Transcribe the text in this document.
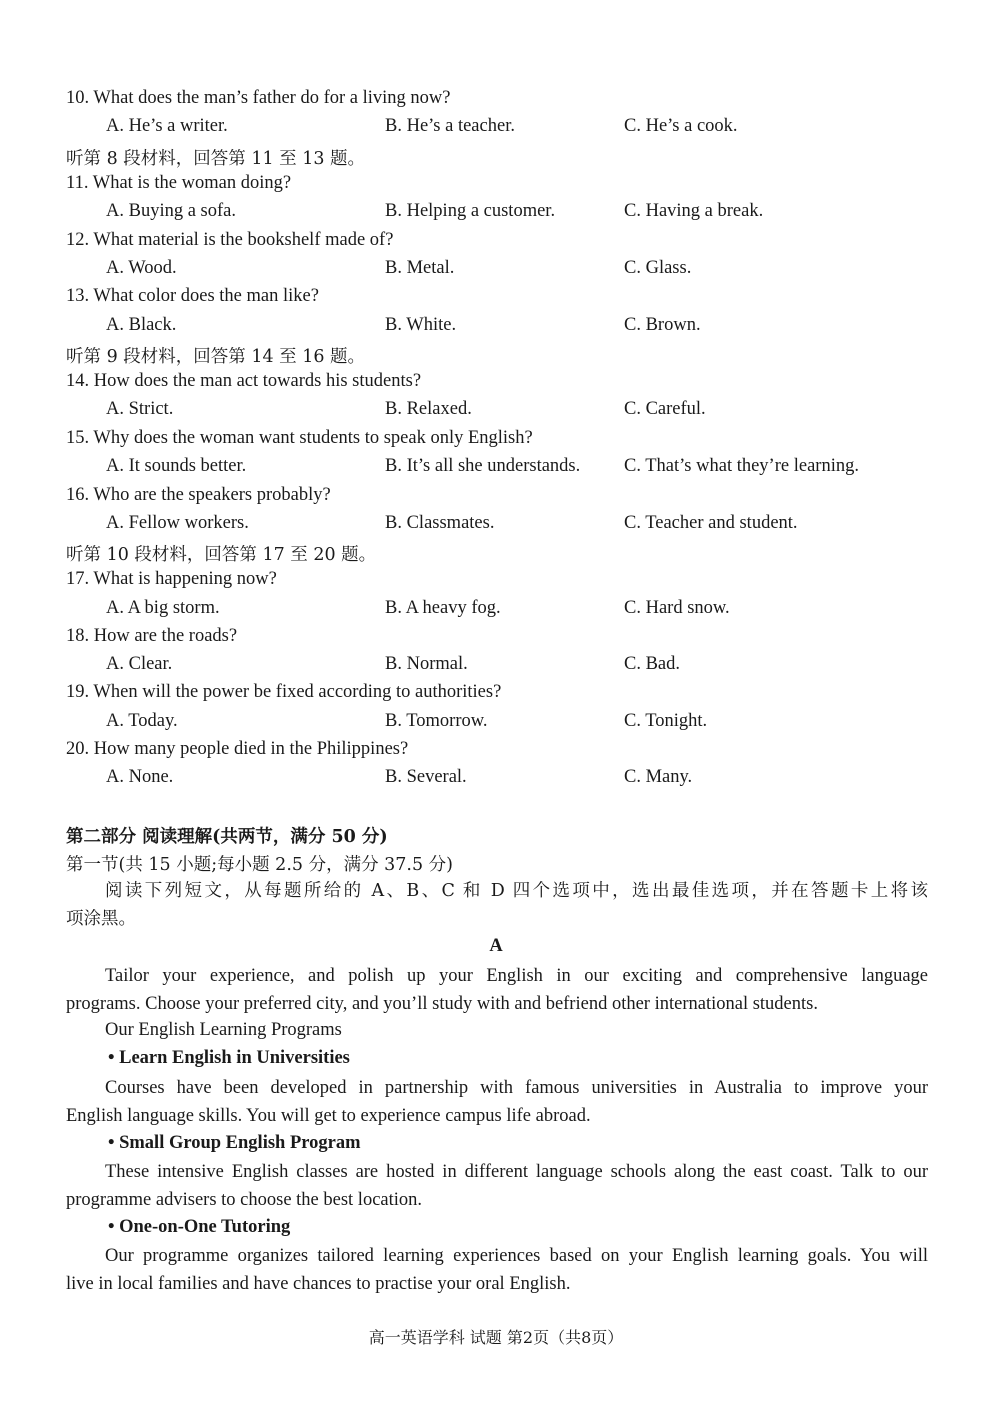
10. What does the man’s father do for a living now?
A. He’s a writer.	B. He’s a teacher.	C. He’s a cook.
听第 8 段材料，回答第 11 至 13 题。
11. What is the woman doing?
A. Buying a sofa.	B. Helping a customer.	C. Having a break.
12. What material is the bookshelf made of?
A. Wood.	B. Metal.	C. Glass.
13. What color does the man like?
A. Black.	B. White.	C. Brown.
听第 9 段材料，回答第 14 至 16 题。
14. How does the man act towards his students?
A. Strict.	B. Relaxed.	C. Careful.
15. Why does the woman want students to speak only English?
A. It sounds better.	B. It’s all she understands. C. That’s what they’re learning.
16. Who are the speakers probably?
A. Fellow workers.	B. Classmates.	C. Teacher and student.
听第 10 段材料，回答第 17 至 20 题。
17. What is happening now?
A. A big storm.	B. A heavy fog.	C. Hard snow.
18. How are the roads?
A. Clear.	B. Normal.	C. Bad.
19. When will the power be fixed according to authorities?
A. Today.	B. Tomorrow.	C. Tonight.
20. How many people died in the Philippines?
A. None.	B. Several.	C. Many.
第二部分 阅读理解(共两节，满分 50 分)
第一节(共 15 小题;每小题 2.5 分，满分 37.5 分)
阅读下列短文，从每题所给的 A、B、C 和 D 四个选项中，选出最佳选项，并在答题卡上将该
项涂黑。
A
Tailor your experience, and polish up your English in our exciting and comprehensive language
programs. Choose your preferred city, and you’ll study with and befriend other international students.
Our English Learning Programs
• Learn English in Universities
Courses have been developed in partnership with famous universities in Australia to improve your
English language skills. You will get to experience campus life abroad.
• Small Group English Program
These intensive English classes are hosted in different language schools along the east coast. Talk to our
programme advisers to choose the best location.
• One-on-One Tutoring
Our programme organizes tailored learning experiences based on your English learning goals. You will
live in local families and have chances to practise your oral English.
高一英语学科 试题 第2页（共8页）
